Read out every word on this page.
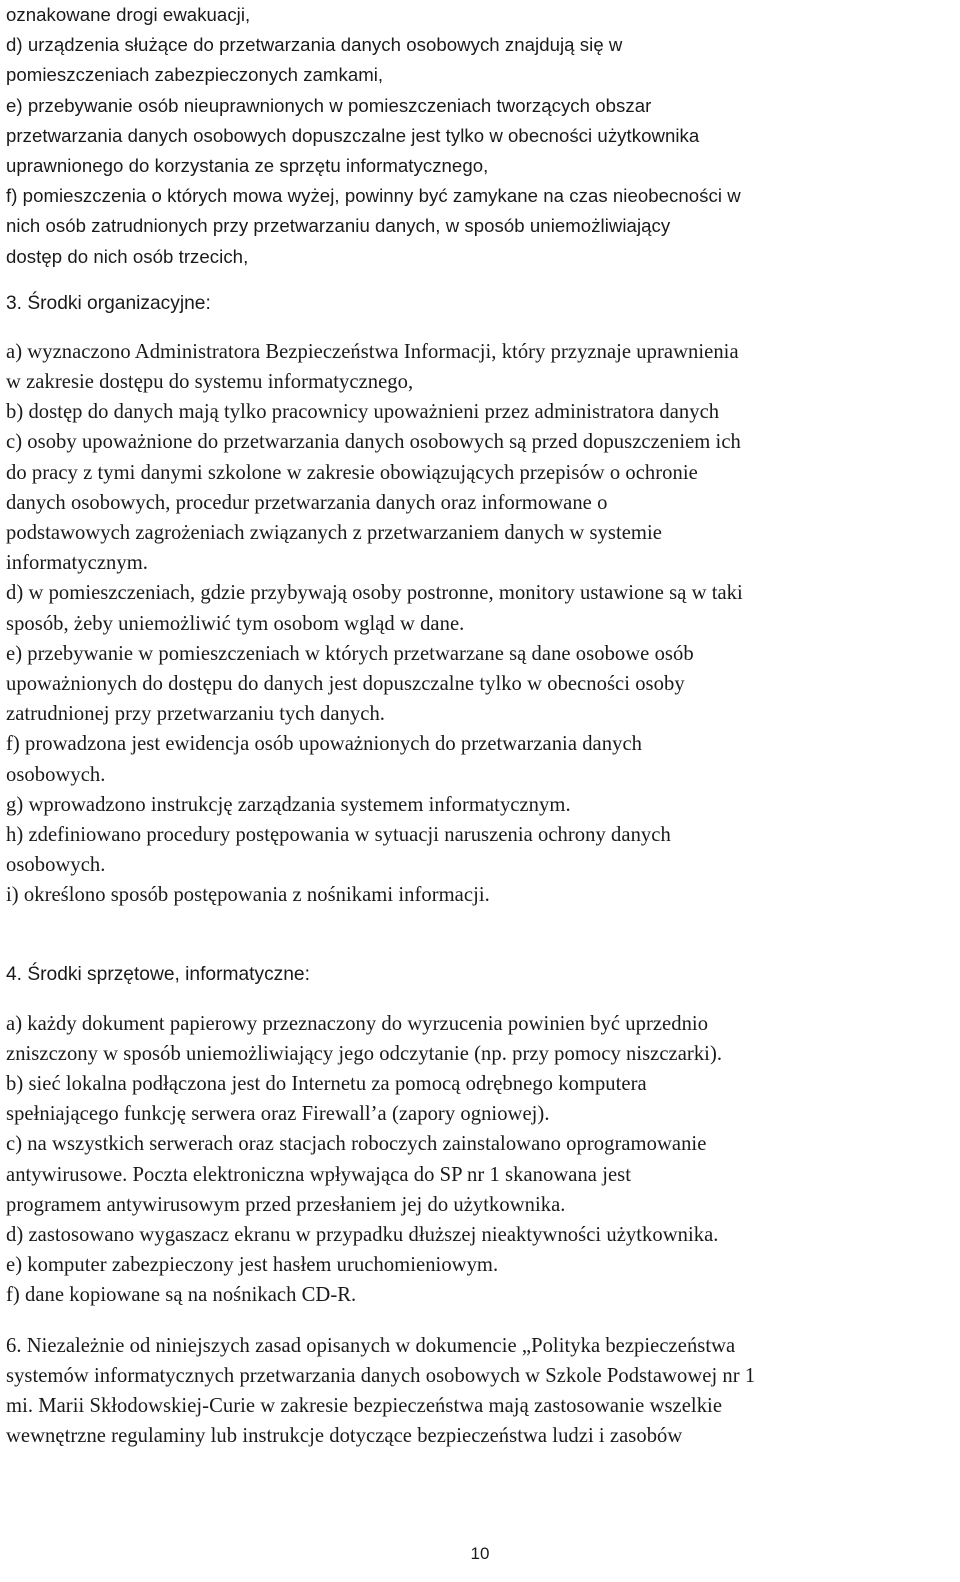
oznakowane drogi ewakuacji,
d) urządzenia służące do przetwarzania danych osobowych znajdują się w
pomieszczeniach zabezpieczonych zamkami,
e) przebywanie osób nieuprawnionych w pomieszczeniach tworzących obszar
przetwarzania danych osobowych dopuszczalne jest tylko w obecności użytkownika
uprawnionego do korzystania ze sprzętu informatycznego,
f) pomieszczenia o których mowa wyżej, powinny być zamykane na czas nieobecności w
nich osób zatrudnionych przy przetwarzaniu danych, w sposób uniemożliwiający
dostęp do nich osób trzecich,
3. Środki organizacyjne:
a) wyznaczono Administratora Bezpieczeństwa Informacji, który przyznaje uprawnienia
w zakresie dostępu do systemu informatycznego,
b) dostęp do danych mają tylko pracownicy upoważnieni przez administratora danych
c) osoby upoważnione do przetwarzania danych osobowych są przed dopuszczeniem ich
do pracy z tymi danymi szkolone w zakresie obowiązujących przepisów o ochronie
danych osobowych, procedur przetwarzania danych oraz informowane o
podstawowych zagrożeniach związanych z przetwarzaniem danych w systemie
informatycznym.
d) w pomieszczeniach, gdzie przybywają osoby postronne, monitory ustawione są w taki
sposób, żeby uniemożliwić tym osobom wgląd w dane.
e) przebywanie w pomieszczeniach w których przetwarzane są dane osobowe osób
upoważnionych do dostępu do danych jest dopuszczalne tylko w obecności osoby
zatrudnionej przy przetwarzaniu tych danych.
f) prowadzona jest ewidencja osób upoważnionych do przetwarzania danych
osobowych.
g) wprowadzono instrukcję zarządzania systemem informatycznym.
h) zdefiniowano procedury postępowania w sytuacji naruszenia ochrony danych
osobowych.
i) określono sposób postępowania z nośnikami informacji.
4. Środki sprzętowe, informatyczne:
a) każdy dokument papierowy przeznaczony do wyrzucenia powinien być uprzednio
zniszczony w sposób uniemożliwiający jego odczytanie (np. przy pomocy niszczarki).
b) sieć lokalna podłączona jest do Internetu za pomocą odrębnego komputera
spełniającego funkcję serwera oraz Firewall’a (zapory ogniowej).
c) na wszystkich serwerach oraz stacjach roboczych zainstalowano oprogramowanie
antywirusowe. Poczta elektroniczna wpływająca do SP nr 1 skanowana jest
programem antywirusowym przed przesłaniem jej do użytkownika.
d) zastosowano wygaszacz ekranu w przypadku dłuższej nieaktywności użytkownika.
e) komputer zabezpieczony jest hasłem uruchomieniowym.
f) dane kopiowane są na nośnikach CD-R.
6. Niezależnie od niniejszych zasad opisanych w dokumencie „Polityka bezpieczeństwa
systemów informatycznych przetwarzania danych osobowych w Szkole Podstawowej nr 1
mi. Marii Skłodowskiej-Curie w zakresie bezpieczeństwa mają zastosowanie wszelkie
wewnętrzne regulaminy lub instrukcje dotyczące bezpieczeństwa ludzi i zasobów
10
